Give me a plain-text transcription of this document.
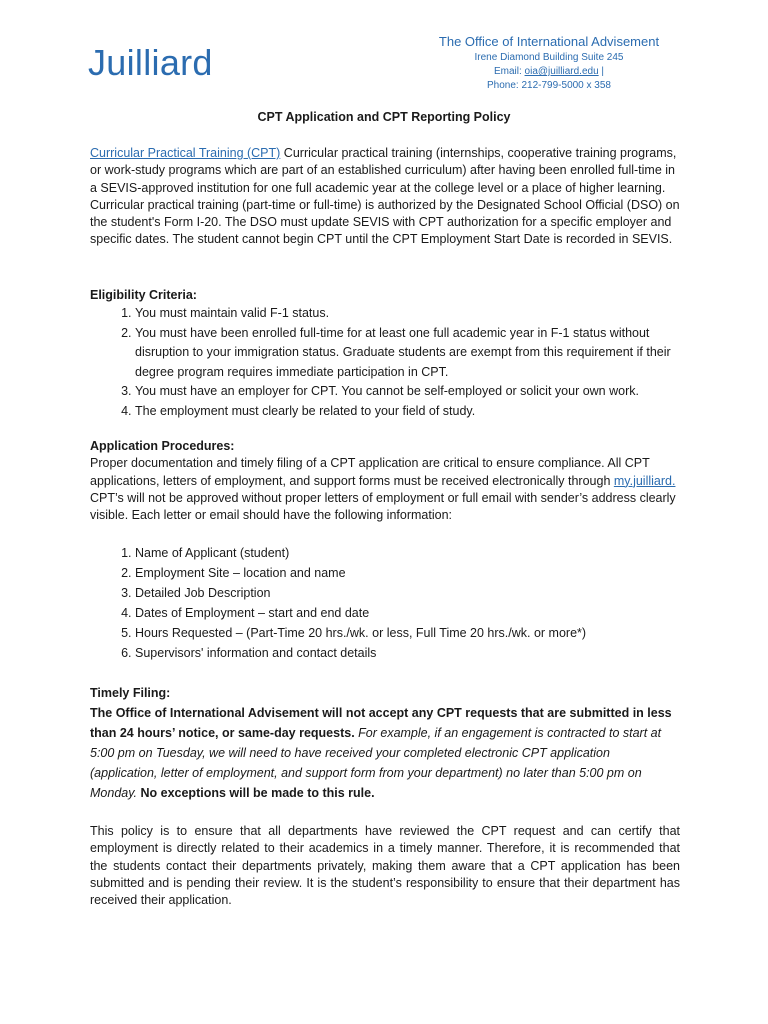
Juilliard
The Office of International Advisement
Irene Diamond Building Suite 245
Email: oia@juilliard.edu |
Phone: 212-799-5000 x 358
CPT Application and CPT Reporting Policy
Curricular Practical Training (CPT) Curricular practical training (internships, cooperative training programs, or work-study programs which are part of an established curriculum) after having been enrolled full-time in a SEVIS-approved institution for one full academic year at the college level or a place of higher learning. Curricular practical training (part-time or full-time) is authorized by the Designated School Official (DSO) on the student's Form I-20. The DSO must update SEVIS with CPT authorization for a specific employer and specific dates. The student cannot begin CPT until the CPT Employment Start Date is recorded in SEVIS.
Eligibility Criteria:
1. You must maintain valid F-1 status.
2. You must have been enrolled full-time for at least one full academic year in F-1 status without disruption to your immigration status. Graduate students are exempt from this requirement if their degree program requires immediate participation in CPT.
3. You must have an employer for CPT. You cannot be self-employed or solicit your own work.
4. The employment must clearly be related to your field of study.
Application Procedures:
Proper documentation and timely filing of a CPT application are critical to ensure compliance. All CPT applications, letters of employment, and support forms must be received electronically through my.juilliard. CPT’s will not be approved without proper letters of employment or full email with sender’s address clearly visible. Each letter or email should have the following information:
1. Name of Applicant (student)
2. Employment Site – location and name
3. Detailed Job Description
4. Dates of Employment – start and end date
5. Hours Requested – (Part-Time 20 hrs./wk. or less, Full Time 20 hrs./wk. or more*)
6. Supervisors' information and contact details
Timely Filing:
The Office of International Advisement will not accept any CPT requests that are submitted in less than 24 hours’ notice, or same-day requests. For example, if an engagement is contracted to start at 5:00 pm on Tuesday, we will need to have received your completed electronic CPT application (application, letter of employment, and support form from your department) no later than 5:00 pm on Monday. No exceptions will be made to this rule.
This policy is to ensure that all departments have reviewed the CPT request and can certify that employment is directly related to their academics in a timely manner. Therefore, it is recommended that the students contact their departments privately, making them aware that a CPT application has been submitted and is pending their review. It is the student’s responsibility to ensure that their department has received their application.
